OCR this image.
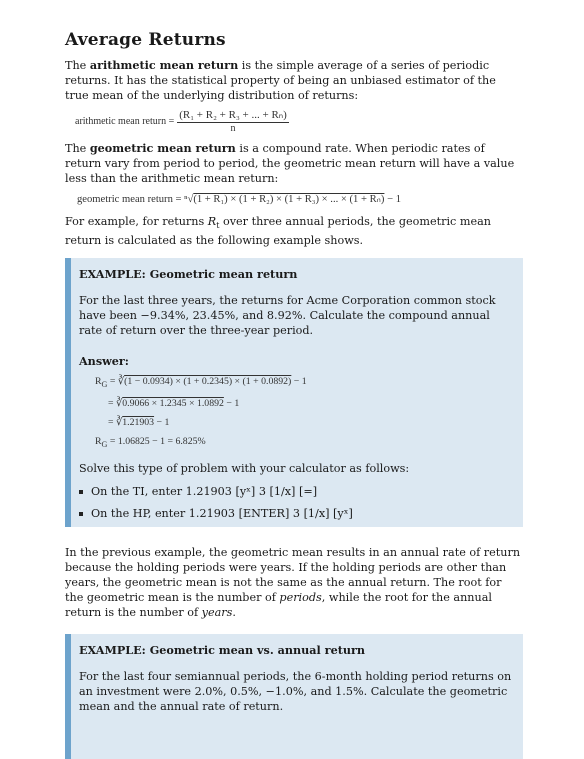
Average Returns

The arithmetic mean return is the simple average of a series of periodic returns. It has the statistical property of being an unbiased estimator of the true mean of the underlying distribution of returns:

arithmetic mean return = $\frac{\text{(R₁ + R₂ + R₃ + ... + Rₙ)}}{n}$

The geometric mean return is a compound rate. When periodic rates of return vary from period to period, the geometric mean return will have a value less than the arithmetic mean return:

geometric mean return = ⁿ√(1 + R₁) × (1 + R₂) × (1 + R₃) × ... × (1 + Rₙ) − 1

For example, for returns $R_t$ over three annual periods, the geometric mean return is calculated as the following example shows.

EXAMPLE: Geometric mean return

For the last three years, the returns for Acme Corporation common stock have been −9.34%, 23.45%, and 8.92%. Calculate the compound annual rate of return over the three-year period.

Answer:
$R_G$ = ∛(1 − 0.0934) × (1 + 0.2345) × (1 + 0.0892) − 1
= ∛0.9066 × 1.2345 × 1.0892 − 1
= ∛1.21903 − 1
$R_G = 1.06825 - 1 = 6.825\%$
Solve this type of problem with your calculator as follows:
On the TI, enter 1.21903 [yˣ] 3 [1/x] [=]
On the HP, enter 1.21903 [ENTER] 3 [1/x] [yˣ]

In the previous example, the geometric mean results in an annual rate of return because the holding periods were years. If the holding periods are other than years, the geometric mean is not the same as the annual return. The root for the geometric mean is the number of periods, while the root for the annual return is the number of years.

EXAMPLE: Geometric mean vs. annual return

For the last four semiannual periods, the 6-month holding period returns on an investment were 2.0%, 0.5%, −1.0%, and 1.5%. Calculate the geometric mean and the annual rate of return.
